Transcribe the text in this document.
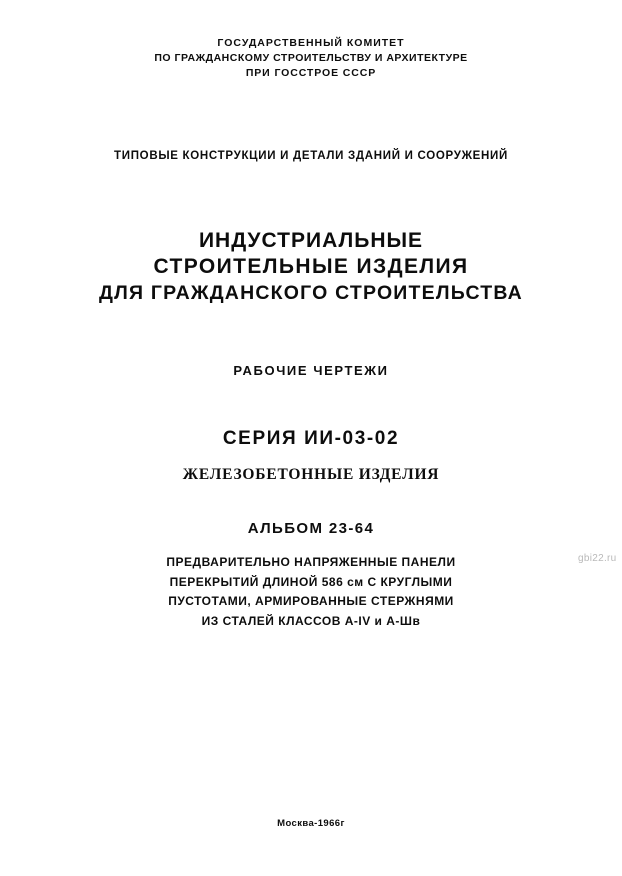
ГОСУДАРСТВЕННЫЙ КОМИТЕТ
ПО ГРАЖДАНСКОМУ СТРОИТЕЛЬСТВУ И АРХИТЕКТУРЕ
ПРИ ГОССТРОЕ СССР
ТИПОВЫЕ КОНСТРУКЦИИ И ДЕТАЛИ ЗДАНИЙ И СООРУЖЕНИЙ
ИНДУСТРИАЛЬНЫЕ
СТРОИТЕЛЬНЫЕ ИЗДЕЛИЯ
ДЛЯ ГРАЖДАНСКОГО СТРОИТЕЛЬСТВА
РАБОЧИЕ ЧЕРТЕЖИ
СЕРИЯ ИИ-03-02
ЖЕЛЕЗОБЕТОННЫЕ ИЗДЕЛИЯ
АЛЬБОМ 23-64
ПРЕДВАРИТЕЛЬНО НАПРЯЖЕННЫЕ ПАНЕЛИ
ПЕРЕКРЫТИЙ ДЛИНОЙ 586 см С КРУГЛЫМИ
ПУСТОТАМИ, АРМИРОВАННЫЕ СТЕРЖНЯМИ
ИЗ СТАЛЕЙ КЛАССОВ А-IV и А-Шв
gbi22.ru
Москва-1966г
